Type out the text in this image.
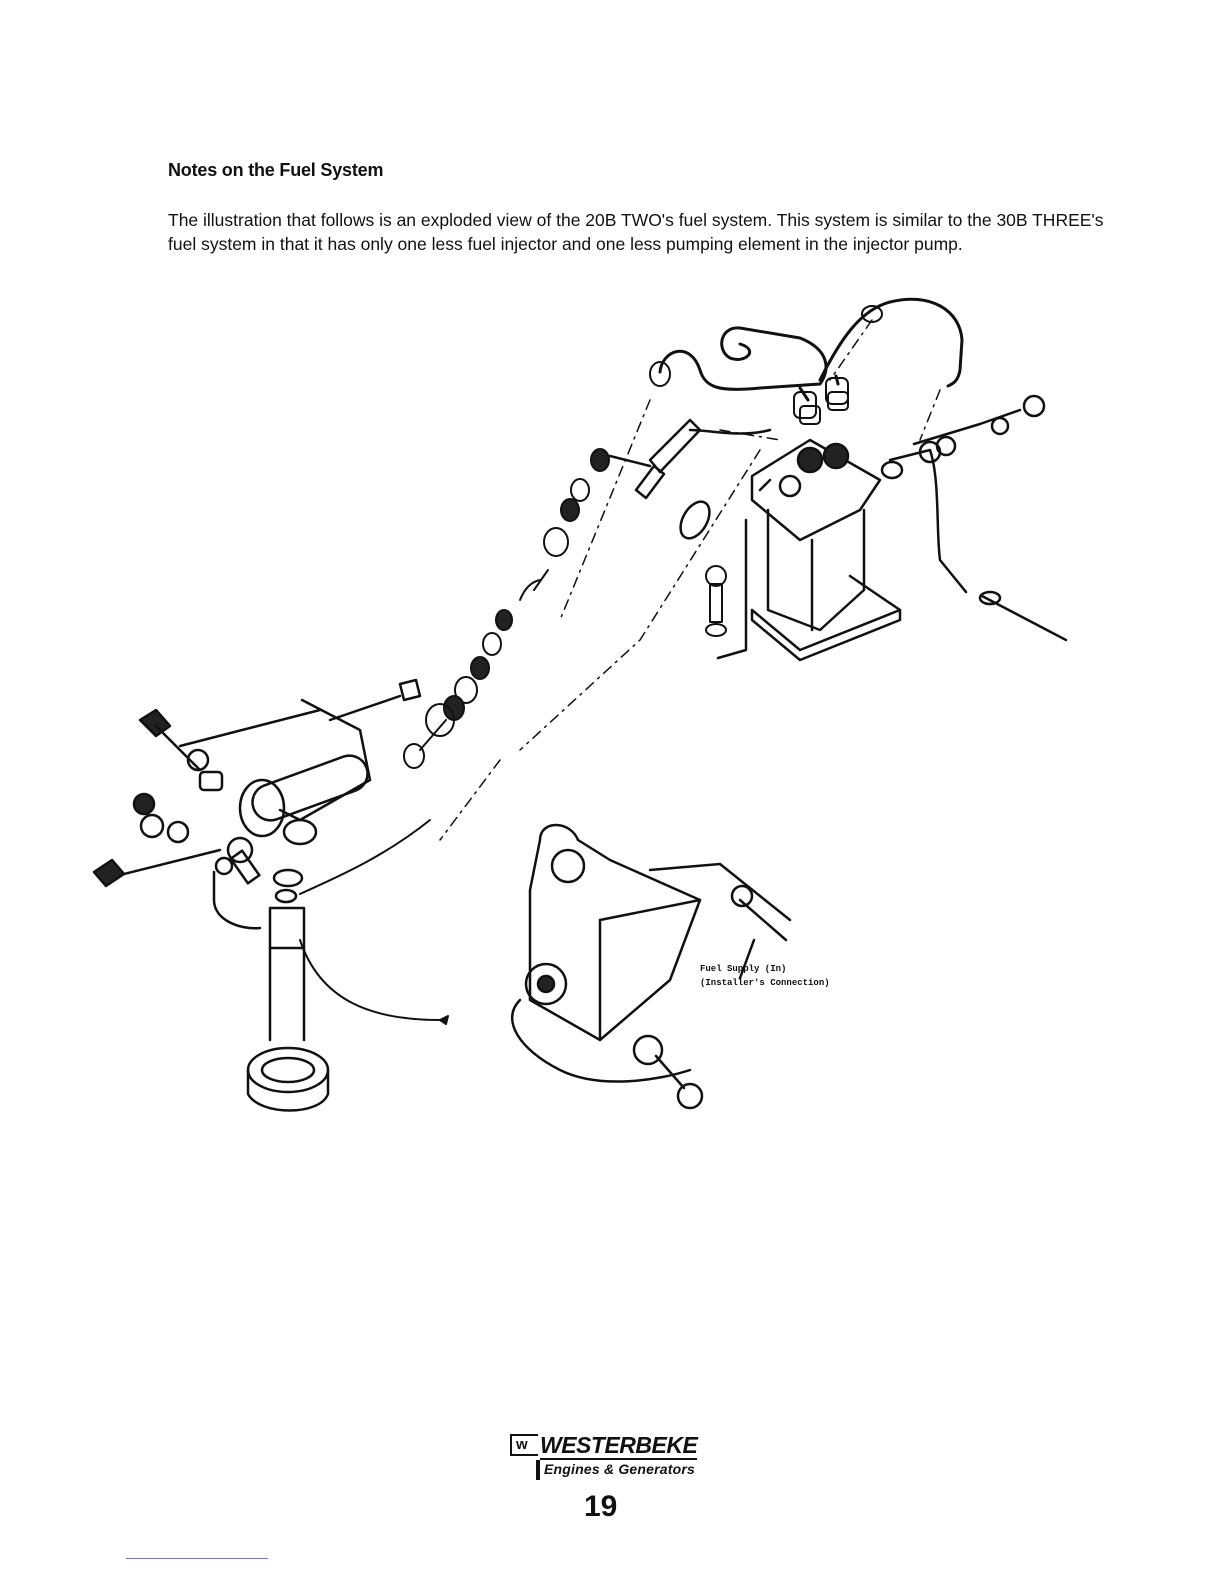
Notes on the Fuel System

The illustration that follows is an exploded view of the 20B TWO's fuel system. This system is similar to the 30B THREE's fuel system in that it has only one less fuel injector and one less pumping element in the injector pump.

Fuel Supply (In)
(Installer's Connection)
w WESTERBEKE
Engines & Generators
19
